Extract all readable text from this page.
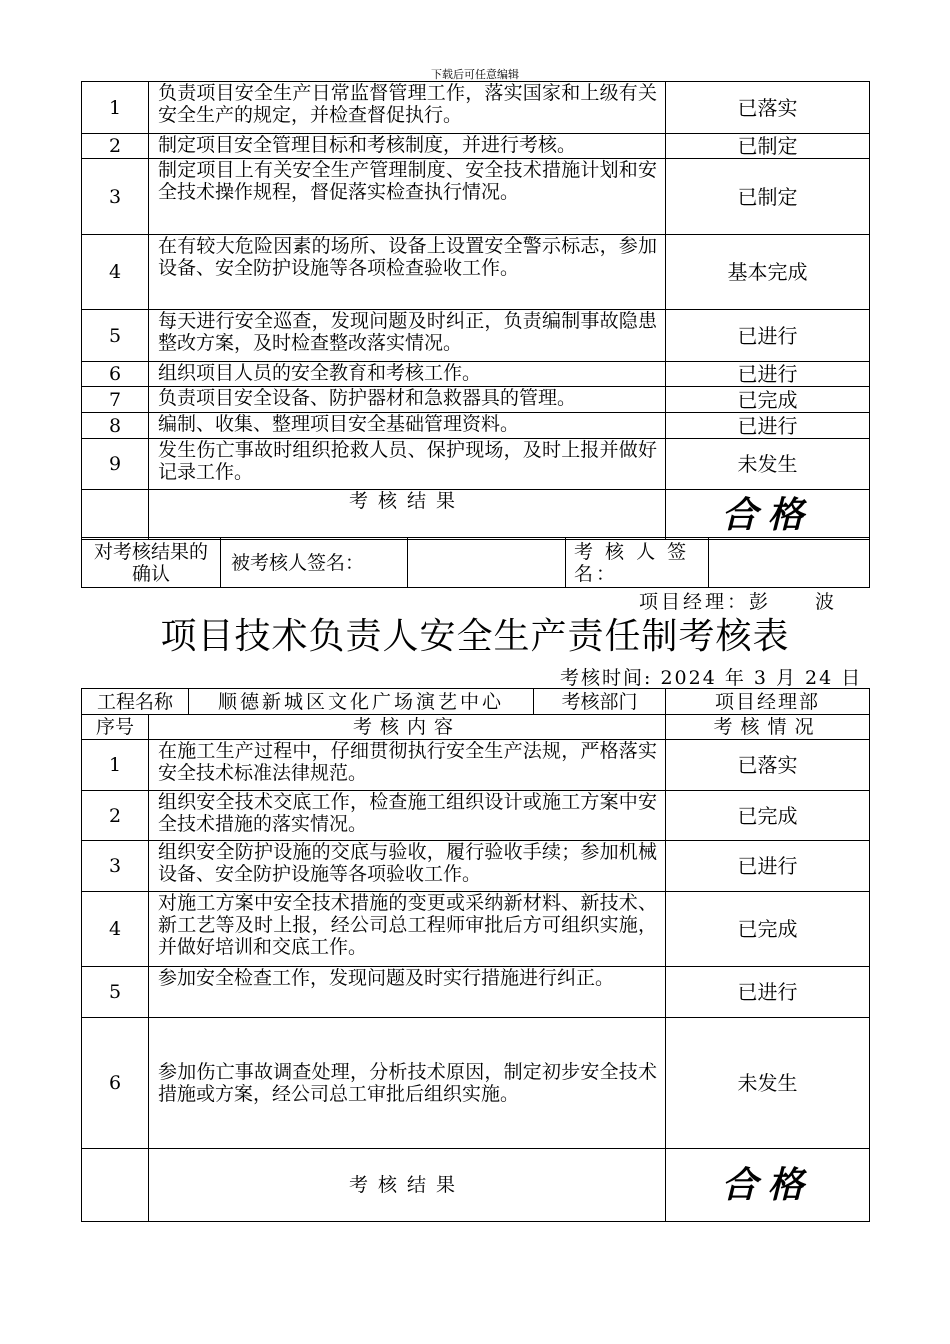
下载后可任意编辑
1	负责项目安全生产日常监督管理工作，落实国家和上级有关安全生产的规定，并检查督促执行。	已落实
2	制定项目安全管理目标和考核制度，并进行考核。	已制定
3	制定项目上有关安全生产管理制度、安全技术措施计划和安全技术操作规程，督促落实检查执行情况。	已制定
4	在有较大危险因素的场所、设备上设置安全警示标志，参加设备、安全防护设施等各项检查验收工作。	基本完成
5	每天进行安全巡查，发现问题及时纠正，负责编制事故隐患整改方案，及时检查整改落实情况。	已进行
6	组织项目人员的安全教育和考核工作。	已进行
7	负责项目安全设备、防护器材和急救器具的管理。	已完成
8	编制、收集、整理项目安全基础管理资料。	已进行
9	发生伤亡事故时组织抢救人员、保护现场，及时上报并做好记录工作。	未发生
	考核结果	合格
对考核结果的确认	被考核人签名：		考 核 人 签名：	
项目经理：彭　　波
项目技术负责人安全生产责任制考核表
考核时间: 2024 年 3 月 24 日
工程名称		顺德新城区文化广场演艺中心	考核部门	项目经理部
序号	考核内容			考核情况
1	在施工生产过程中，仔细贯彻执行安全生产法规，严格落实安全技术标准法律规范。			已落实
2	组织安全技术交底工作，检查施工组织设计或施工方案中安全技术措施的落实情况。			已完成
3	组织安全防护设施的交底与验收，履行验收手续；参加机械设备、安全防护设施等各项验收工作。			已进行
4	对施工方案中安全技术措施的变更或采纳新材料、新技术、新工艺等及时上报，经公司总工程师审批后方可组织实施，并做好培训和交底工作。			已完成
5	参加安全检查工作，发现问题及时实行措施进行纠正。			已进行
6	参加伤亡事故调查处理，分析技术原因，制定初步安全技术措施或方案，经公司总工审批后组织实施。			未发生
	考核结果			合格
